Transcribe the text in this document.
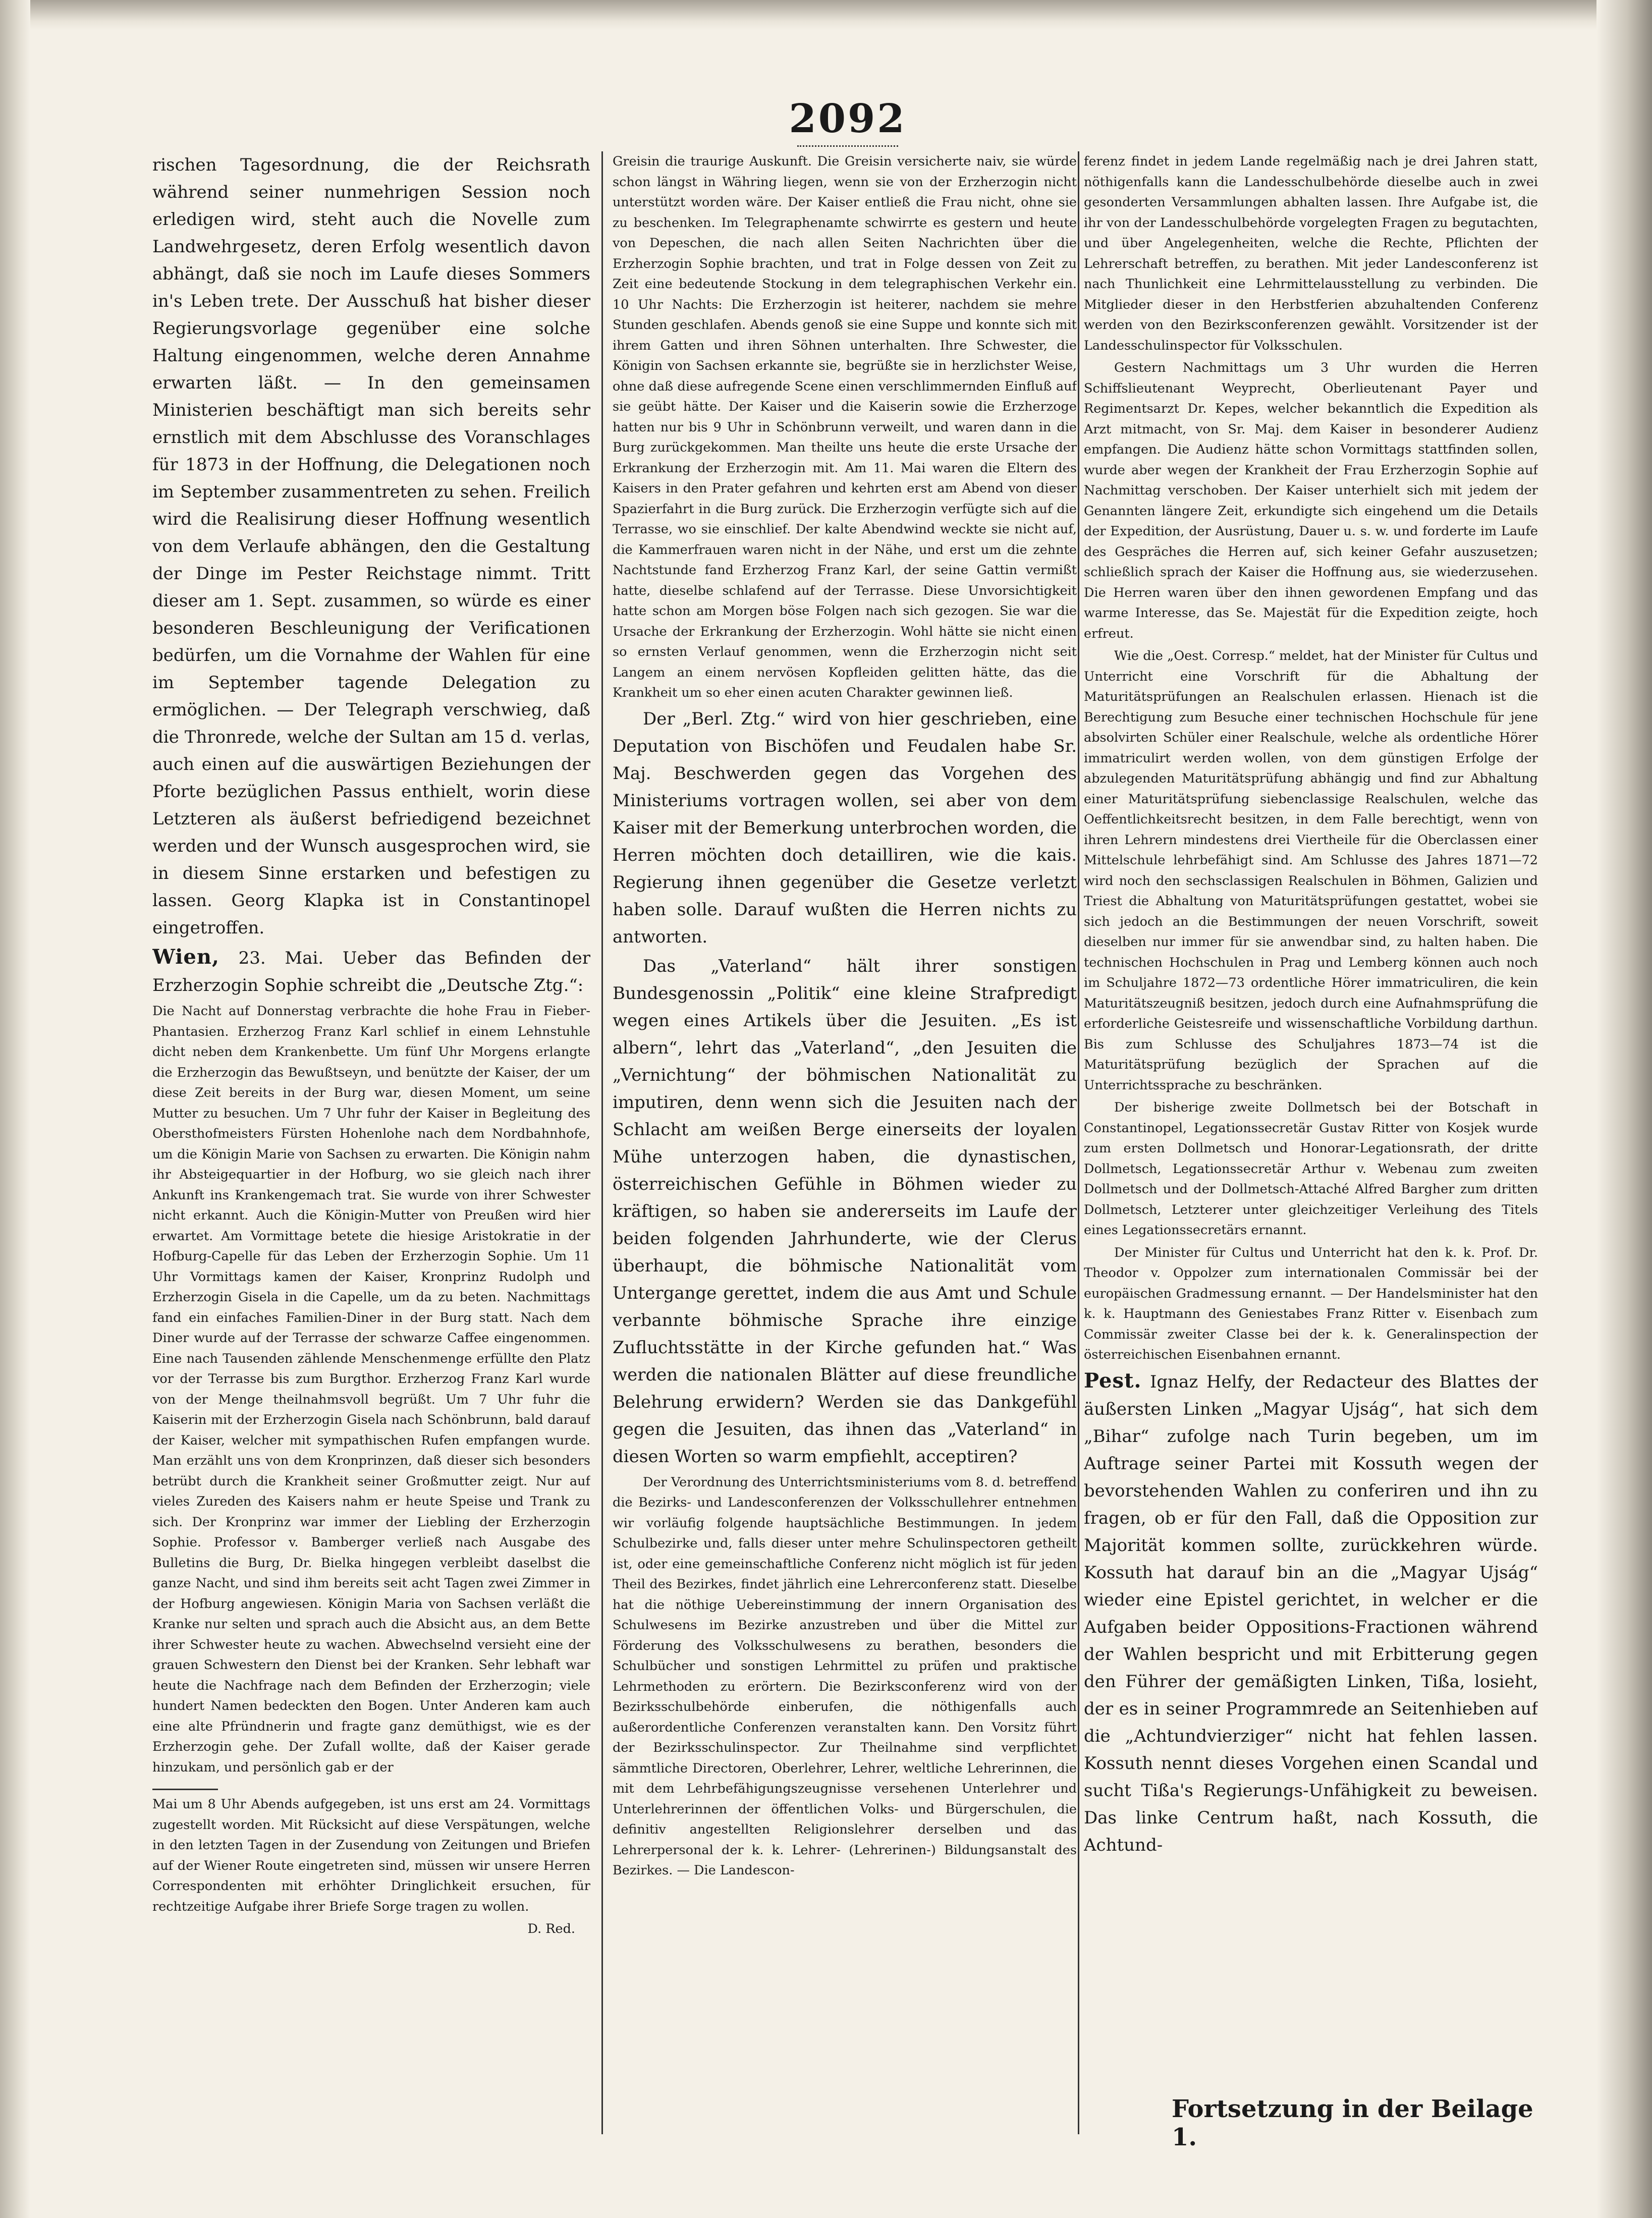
2092

rischen Tagesordnung, die der Reichsrath während seiner nunmehrigen Session noch erledigen wird, steht auch die Novelle zum Landwehrgesetz, deren Erfolg wesentlich davon abhängt, daß sie noch im Laufe dieses Sommers in's Leben trete. Der Ausschuß hat bisher dieser Regierungsvorlage gegenüber eine solche Haltung eingenommen, welche deren Annahme erwarten läßt. — In den gemeinsamen Ministerien beschäftigt man sich bereits sehr ernstlich mit dem Abschlusse des Voranschlages für 1873 in der Hoffnung, die Delegationen noch im September zusammentreten zu sehen. Freilich wird die Realisirung dieser Hoffnung wesentlich von dem Verlaufe abhängen, den die Gestaltung der Dinge im Pester Reichstage nimmt. Tritt dieser am 1. Sept. zusammen, so würde es einer besonderen Beschleunigung der Verificationen bedürfen, um die Vornahme der Wahlen für eine im September tagende Delegation zu ermöglichen. — Der Telegraph verschwieg, daß die Thronrede, welche der Sultan am 15 d. verlas, auch einen auf die auswärtigen Beziehungen der Pforte bezüglichen Passus enthielt, worin diese Letzteren als äußerst befriedigend bezeichnet werden und der Wunsch ausgesprochen wird, sie in diesem Sinne erstarken und befestigen zu lassen. Georg Klapka ist in Constantinopel eingetroffen.

Wien, 23. Mai. Ueber das Befinden der Erzherzogin Sophie schreibt die „Deutsche Ztg.“:

Die Nacht auf Donnerstag verbrachte die hohe Frau in Fieber-Phantasien. Erzherzog Franz Karl schlief in einem Lehnstuhle dicht neben dem Krankenbette. Um fünf Uhr Morgens erlangte die Erzherzogin das Bewußtseyn, und benützte der Kaiser, der um diese Zeit bereits in der Burg war, diesen Moment, um seine Mutter zu besuchen. Um 7 Uhr fuhr der Kaiser in Begleitung des Obersthofmeisters Fürsten Hohenlohe nach dem Nordbahnhofe, um die Königin Marie von Sachsen zu erwarten. Die Königin nahm ihr Absteigequartier in der Hofburg, wo sie gleich nach ihrer Ankunft ins Krankengemach trat. Sie wurde von ihrer Schwester nicht erkannt. Auch die Königin-Mutter von Preußen wird hier erwartet. Am Vormittage betete die hiesige Aristokratie in der Hofburg-Capelle für das Leben der Erzherzogin Sophie. Um 11 Uhr Vormittags kamen der Kaiser, Kronprinz Rudolph und Erzherzogin Gisela in die Capelle, um da zu beten. Nachmittags fand ein einfaches Familien-Diner in der Burg statt. Nach dem Diner wurde auf der Terrasse der schwarze Caffee eingenommen. Eine nach Tausenden zählende Menschenmenge erfüllte den Platz vor der Terrasse bis zum Burgthor. Erzherzog Franz Karl wurde von der Menge theilnahmsvoll begrüßt. Um 7 Uhr fuhr die Kaiserin mit der Erzherzogin Gisela nach Schönbrunn, bald darauf der Kaiser, welcher mit sympathischen Rufen empfangen wurde. Man erzählt uns von dem Kronprinzen, daß dieser sich besonders betrübt durch die Krankheit seiner Großmutter zeigt. Nur auf vieles Zureden des Kaisers nahm er heute Speise und Trank zu sich. Der Kronprinz war immer der Liebling der Erzherzogin Sophie. Professor v. Bamberger verließ nach Ausgabe des Bulletins die Burg, Dr. Bielka hingegen verbleibt daselbst die ganze Nacht, und sind ihm bereits seit acht Tagen zwei Zimmer in der Hofburg angewiesen. Königin Maria von Sachsen verläßt die Kranke nur selten und sprach auch die Absicht aus, an dem Bette ihrer Schwester heute zu wachen. Abwechselnd versieht eine der grauen Schwestern den Dienst bei der Kranken. Sehr lebhaft war heute die Nachfrage nach dem Befinden der Erzherzogin; viele hundert Namen bedeckten den Bogen. Unter Anderen kam auch eine alte Pfründnerin und fragte ganz demüthigst, wie es der Erzherzogin gehe. Der Zufall wollte, daß der Kaiser gerade hinzukam, und persönlich gab er der

Mai um 8 Uhr Abends aufgegeben, ist uns erst am 24. Vormittags zugestellt worden. Mit Rücksicht auf diese Verspätungen, welche in den letzten Tagen in der Zusendung von Zeitungen und Briefen auf der Wiener Route eingetreten sind, müssen wir unsere Herren Correspondenten mit erhöhter Dringlichkeit ersuchen, für rechtzeitige Aufgabe ihrer Briefe Sorge tragen zu wollen.

D. Red.

Greisin die traurige Auskunft. Die Greisin versicherte naiv, sie würde schon längst in Währing liegen, wenn sie von der Erzherzogin nicht unterstützt worden wäre. Der Kaiser entließ die Frau nicht, ohne sie zu beschenken. Im Telegraphenamte schwirrte es gestern und heute von Depeschen, die nach allen Seiten Nachrichten über die Erzherzogin Sophie brachten, und trat in Folge dessen von Zeit zu Zeit eine bedeutende Stockung in dem telegraphischen Verkehr ein. 10 Uhr Nachts: Die Erzherzogin ist heiterer, nachdem sie mehre Stunden geschlafen. Abends genoß sie eine Suppe und konnte sich mit ihrem Gatten und ihren Söhnen unterhalten. Ihre Schwester, die Königin von Sachsen erkannte sie, begrüßte sie in herzlichster Weise, ohne daß diese aufregende Scene einen verschlimmernden Einfluß auf sie geübt hätte. Der Kaiser und die Kaiserin sowie die Erzherzoge hatten nur bis 9 Uhr in Schönbrunn verweilt, und waren dann in die Burg zurückgekommen. Man theilte uns heute die erste Ursache der Erkrankung der Erzherzogin mit. Am 11. Mai waren die Eltern des Kaisers in den Prater gefahren und kehrten erst am Abend von dieser Spazierfahrt in die Burg zurück. Die Erzherzogin verfügte sich auf die Terrasse, wo sie einschlief. Der kalte Abendwind weckte sie nicht auf, die Kammerfrauen waren nicht in der Nähe, und erst um die zehnte Nachtstunde fand Erzherzog Franz Karl, der seine Gattin vermißt hatte, dieselbe schlafend auf der Terrasse. Diese Unvorsichtigkeit hatte schon am Morgen böse Folgen nach sich gezogen. Sie war die Ursache der Erkrankung der Erzherzogin. Wohl hätte sie nicht einen so ernsten Verlauf genommen, wenn die Erzherzogin nicht seit Langem an einem nervösen Kopfleiden gelitten hätte, das die Krankheit um so eher einen acuten Charakter gewinnen ließ.

Der „Berl. Ztg.“ wird von hier geschrieben, eine Deputation von Bischöfen und Feudalen habe Sr. Maj. Beschwerden gegen das Vorgehen des Ministeriums vortragen wollen, sei aber von dem Kaiser mit der Bemerkung unterbrochen worden, die Herren möchten doch detailliren, wie die kais. Regierung ihnen gegenüber die Gesetze verletzt haben solle. Darauf wußten die Herren nichts zu antworten.

Das „Vaterland“ hält ihrer sonstigen Bundesgenossin „Politik“ eine kleine Strafpredigt wegen eines Artikels über die Jesuiten. „Es ist albern“, lehrt das „Vaterland“, „den Jesuiten die „Vernichtung“ der böhmischen Nationalität zu imputiren, denn wenn sich die Jesuiten nach der Schlacht am weißen Berge einerseits der loyalen Mühe unterzogen haben, die dynastischen, österreichischen Gefühle in Böhmen wieder zu kräftigen, so haben sie andererseits im Laufe der beiden folgenden Jahrhunderte, wie der Clerus überhaupt, die böhmische Nationalität vom Untergange gerettet, indem die aus Amt und Schule verbannte böhmische Sprache ihre einzige Zufluchtsstätte in der Kirche gefunden hat.“ Was werden die nationalen Blätter auf diese freundliche Belehrung erwidern? Werden sie das Dankgefühl gegen die Jesuiten, das ihnen das „Vaterland“ in diesen Worten so warm empfiehlt, acceptiren?

Der Verordnung des Unterrichtsministeriums vom 8. d. betreffend die Bezirks- und Landesconferenzen der Volksschullehrer entnehmen wir vorläufig folgende hauptsächliche Bestimmungen. In jedem Schulbezirke und, falls dieser unter mehre Schulinspectoren getheilt ist, oder eine gemeinschaftliche Conferenz nicht möglich ist für jeden Theil des Bezirkes, findet jährlich eine Lehrerconferenz statt. Dieselbe hat die nöthige Uebereinstimmung der innern Organisation des Schulwesens im Bezirke anzustreben und über die Mittel zur Förderung des Volksschulwesens zu berathen, besonders die Schulbücher und sonstigen Lehrmittel zu prüfen und praktische Lehrmethoden zu erörtern. Die Bezirksconferenz wird von der Bezirksschulbehörde einberufen, die nöthigenfalls auch außerordentliche Conferenzen veranstalten kann. Den Vorsitz führt der Bezirksschulinspector. Zur Theilnahme sind verpflichtet sämmtliche Directoren, Oberlehrer, Lehrer, weltliche Lehrerinnen, die mit dem Lehrbefähigungszeugnisse versehenen Unterlehrer und Unterlehrerinnen der öffentlichen Volks- und Bürgerschulen, die definitiv angestellten Religionslehrer derselben und das Lehrerpersonal der k. k. Lehrer- (Lehrerinen-) Bildungsanstalt des Bezirkes. — Die Landescon-

ferenz findet in jedem Lande regelmäßig nach je drei Jahren statt, nöthigenfalls kann die Landesschulbehörde dieselbe auch in zwei gesonderten Versammlungen abhalten lassen. Ihre Aufgabe ist, die ihr von der Landesschulbehörde vorgelegten Fragen zu begutachten, und über Angelegenheiten, welche die Rechte, Pflichten der Lehrerschaft betreffen, zu berathen. Mit jeder Landesconferenz ist nach Thunlichkeit eine Lehrmittelausstellung zu verbinden. Die Mitglieder dieser in den Herbstferien abzuhaltenden Conferenz werden von den Bezirksconferenzen gewählt. Vorsitzender ist der Landesschulinspector für Volksschulen.

Gestern Nachmittags um 3 Uhr wurden die Herren Schiffslieutenant Weyprecht, Oberlieutenant Payer und Regimentsarzt Dr. Kepes, welcher bekanntlich die Expedition als Arzt mitmacht, von Sr. Maj. dem Kaiser in besonderer Audienz empfangen. Die Audienz hätte schon Vormittags stattfinden sollen, wurde aber wegen der Krankheit der Frau Erzherzogin Sophie auf Nachmittag verschoben. Der Kaiser unterhielt sich mit jedem der Genannten längere Zeit, erkundigte sich eingehend um die Details der Expedition, der Ausrüstung, Dauer u. s. w. und forderte im Laufe des Gespräches die Herren auf, sich keiner Gefahr auszusetzen; schließlich sprach der Kaiser die Hoffnung aus, sie wiederzusehen. Die Herren waren über den ihnen gewordenen Empfang und das warme Interesse, das Se. Majestät für die Expedition zeigte, hoch erfreut.

Wie die „Oest. Corresp.“ meldet, hat der Minister für Cultus und Unterricht eine Vorschrift für die Abhaltung der Maturitätsprüfungen an Realschulen erlassen. Hienach ist die Berechtigung zum Besuche einer technischen Hochschule für jene absolvirten Schüler einer Realschule, welche als ordentliche Hörer immatriculirt werden wollen, von dem günstigen Erfolge der abzulegenden Maturitätsprüfung abhängig und find zur Abhaltung einer Maturitätsprüfung siebenclassige Realschulen, welche das Oeffentlichkeitsrecht besitzen, in dem Falle berechtigt, wenn von ihren Lehrern mindestens drei Viertheile für die Oberclassen einer Mittelschule lehrbefähigt sind. Am Schlusse des Jahres 1871—72 wird noch den sechsclassigen Realschulen in Böhmen, Galizien und Triest die Abhaltung von Maturitätsprüfungen gestattet, wobei sie sich jedoch an die Bestimmungen der neuen Vorschrift, soweit dieselben nur immer für sie anwendbar sind, zu halten haben. Die technischen Hochschulen in Prag und Lemberg können auch noch im Schuljahre 1872—73 ordentliche Hörer immatriculiren, die kein Maturitätszeugniß besitzen, jedoch durch eine Aufnahmsprüfung die erforderliche Geistesreife und wissenschaftliche Vorbildung darthun. Bis zum Schlusse des Schuljahres 1873—74 ist die Maturitätsprüfung bezüglich der Sprachen auf die Unterrichtssprache zu beschränken.

Der bisherige zweite Dollmetsch bei der Botschaft in Constantinopel, Legationssecretär Gustav Ritter von Kosjek wurde zum ersten Dollmetsch und Honorar-Legationsrath, der dritte Dollmetsch, Legationssecretär Arthur v. Webenau zum zweiten Dollmetsch und der Dollmetsch-Attaché Alfred Bargher zum dritten Dollmetsch, Letzterer unter gleichzeitiger Verleihung des Titels eines Legationssecretärs ernannt.

Der Minister für Cultus und Unterricht hat den k. k. Prof. Dr. Theodor v. Oppolzer zum internationalen Commissär bei der europäischen Gradmessung ernannt. — Der Handelsminister hat den k. k. Hauptmann des Geniestabes Franz Ritter v. Eisenbach zum Commissär zweiter Classe bei der k. k. Generalinspection der österreichischen Eisenbahnen ernannt.

Pest. Ignaz Helfy, der Redacteur des Blattes der äußersten Linken „Magyar Ujság“, hat sich dem „Bihar“ zufolge nach Turin begeben, um im Auftrage seiner Partei mit Kossuth wegen der bevorstehenden Wahlen zu conferiren und ihn zu fragen, ob er für den Fall, daß die Opposition zur Majorität kommen sollte, zurückkehren würde. Kossuth hat darauf bin an die „Magyar Ujság“ wieder eine Epistel gerichtet, in welcher er die Aufgaben beider Oppositions-Fractionen während der Wahlen bespricht und mit Erbitterung gegen den Führer der gemäßigten Linken, Tißa, losieht, der es in seiner Programmrede an Seitenhieben auf die „Achtundvierziger“ nicht hat fehlen lassen. Kossuth nennt dieses Vorgehen einen Scandal und sucht Tißa's Regierungs-Unfähigkeit zu beweisen. Das linke Centrum haßt, nach Kossuth, die Achtund-

Fortsetzung in der Beilage 1.
